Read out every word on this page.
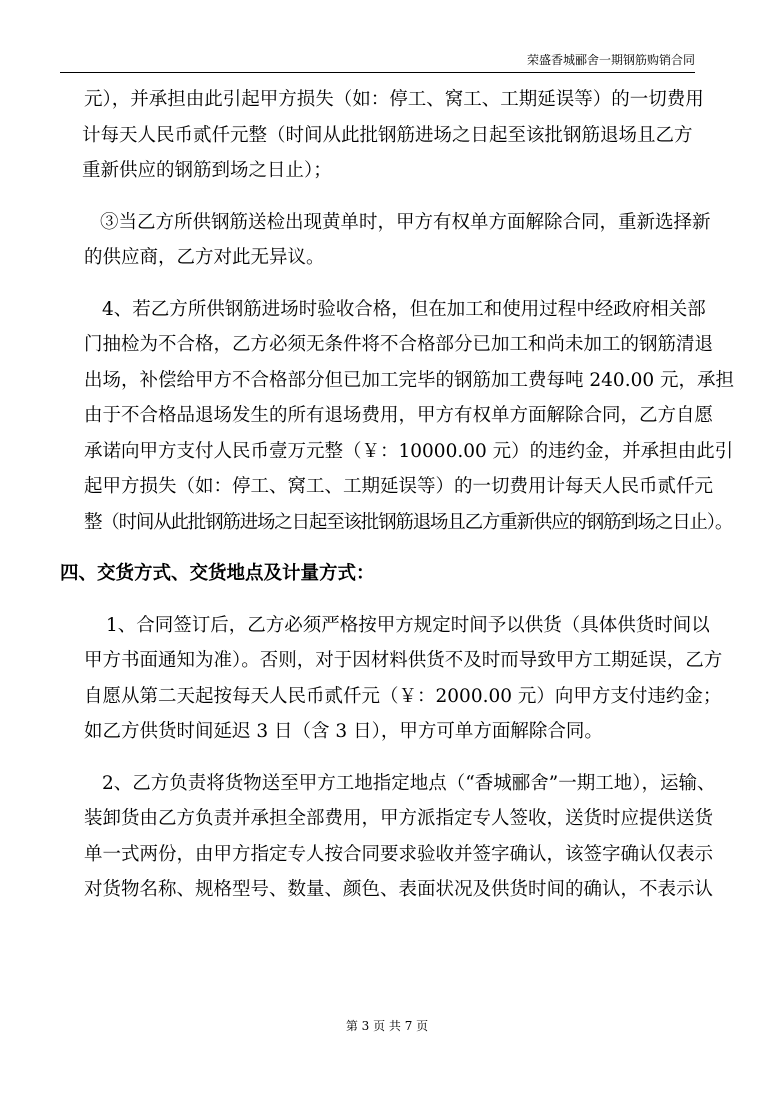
荣盛香城郦舍一期钢筋购销合同
元），并承担由此引起甲方损失（如：停工、窝工、工期延误等）的一切费用
计每天人民币贰仟元整（时间从此批钢筋进场之日起至该批钢筋退场且乙方
重新供应的钢筋到场之日止）；
③当乙方所供钢筋送检出现黄单时，甲方有权单方面解除合同，重新选择新
的供应商，乙方对此无异议。
4、若乙方所供钢筋进场时验收合格，但在加工和使用过程中经政府相关部
门抽检为不合格，乙方必须无条件将不合格部分已加工和尚未加工的钢筋清退
出场，补偿给甲方不合格部分但已加工完毕的钢筋加工费每吨 240.00 元，承担
由于不合格品退场发生的所有退场费用，甲方有权单方面解除合同，乙方自愿
承诺向甲方支付人民币壹万元整（￥：10000.00 元）的违约金，并承担由此引
起甲方损失（如：停工、窝工、工期延误等）的一切费用计每天人民币贰仟元
整（时间从此批钢筋进场之日起至该批钢筋退场且乙方重新供应的钢筋到场之日止）。
四、交货方式、交货地点及计量方式：
1、合同签订后，乙方必须严格按甲方规定时间予以供货（具体供货时间以
甲方书面通知为准）。否则，对于因材料供货不及时而导致甲方工期延误，乙方
自愿从第二天起按每天人民币贰仟元（￥：2000.00 元）向甲方支付违约金；
如乙方供货时间延迟 3 日（含 3 日），甲方可单方面解除合同。
2、乙方负责将货物送至甲方工地指定地点（“香城郦舍”一期工地），运输、
装卸货由乙方负责并承担全部费用，甲方派指定专人签收，送货时应提供送货
单一式两份，由甲方指定专人按合同要求验收并签字确认，该签字确认仅表示
对货物名称、规格型号、数量、颜色、表面状况及供货时间的确认，不表示认
第 3 页 共 7 页
